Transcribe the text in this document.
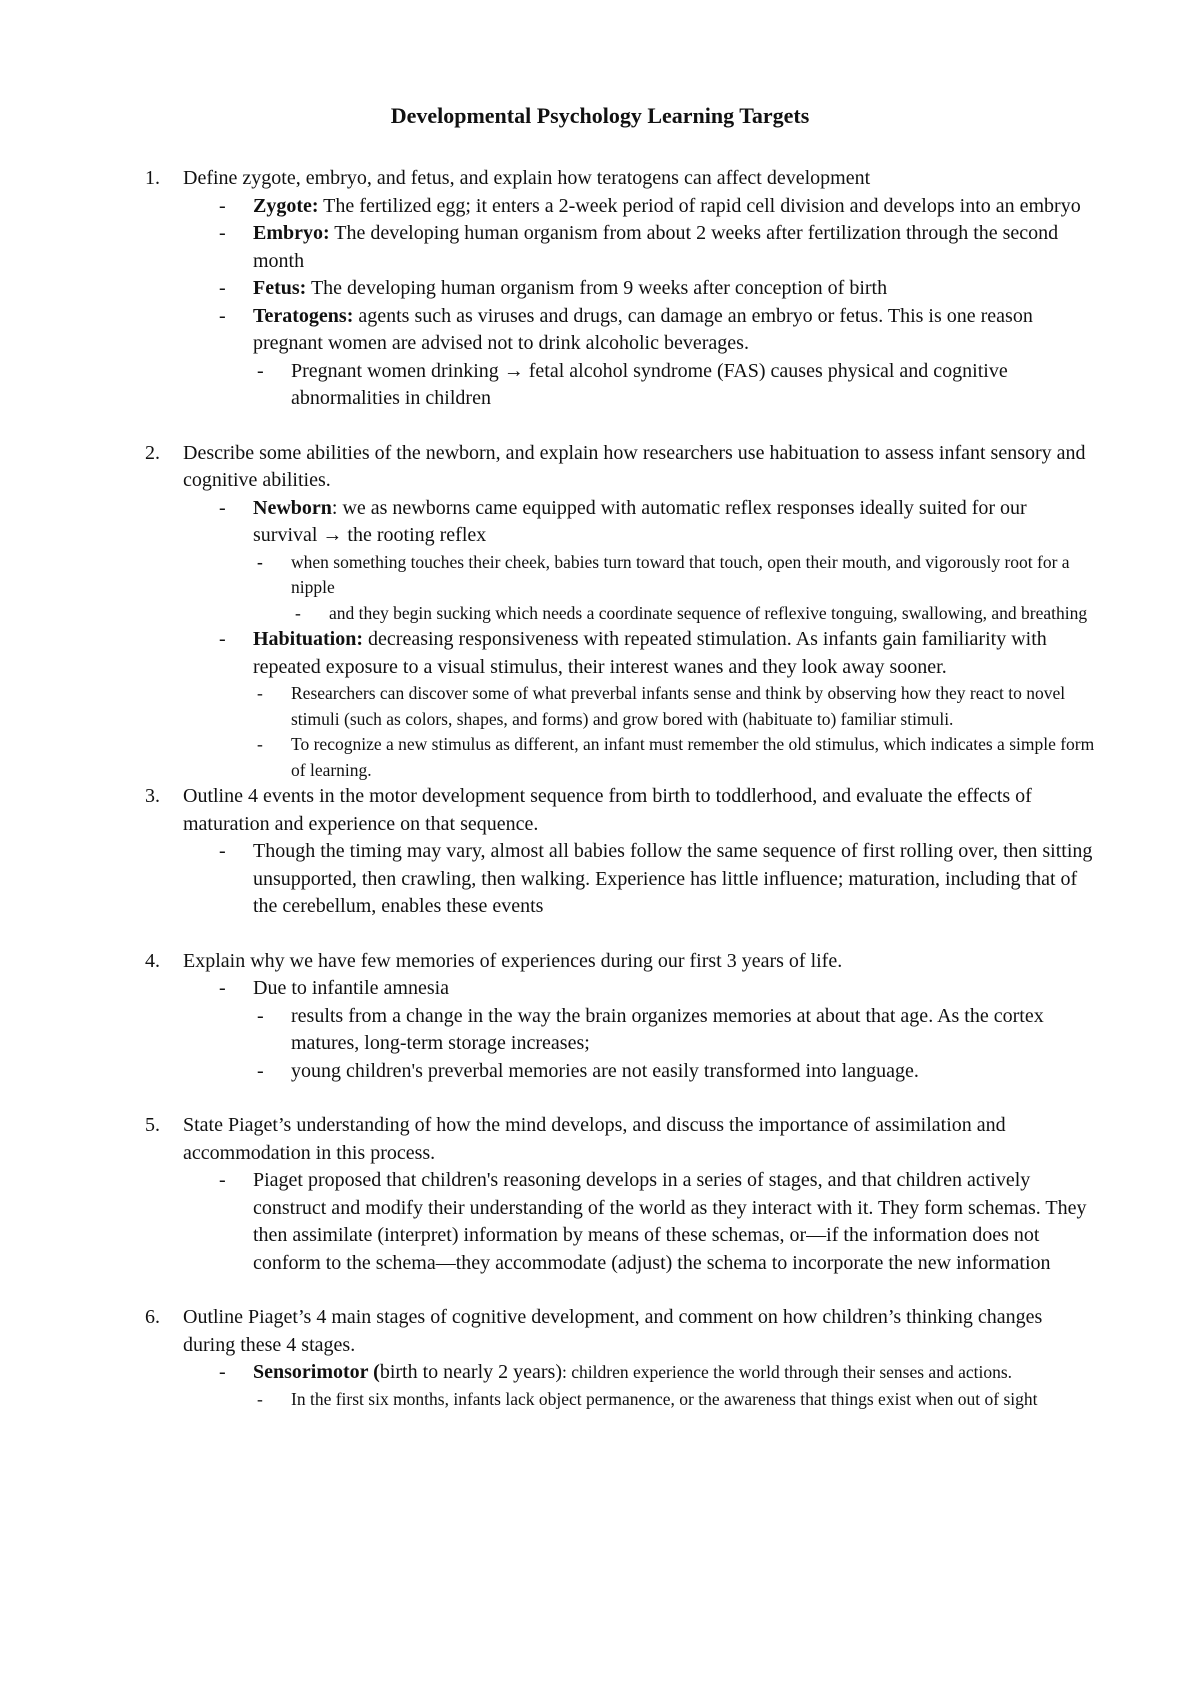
Developmental Psychology Learning Targets
1. Define zygote, embryo, and fetus, and explain how teratogens can affect development
- Zygote: The fertilized egg; it enters a 2-week period of rapid cell division and develops into an embryo
- Embryo: The developing human organism from about 2 weeks after fertilization through the second month
- Fetus: The developing human organism from 9 weeks after conception of birth
- Teratogens: agents such as viruses and drugs, can damage an embryo or fetus. This is one reason pregnant women are advised not to drink alcoholic beverages.
- Pregnant women drinking → fetal alcohol syndrome (FAS) causes physical and cognitive abnormalities in children
2. Describe some abilities of the newborn, and explain how researchers use habituation to assess infant sensory and cognitive abilities.
- Newborn: we as newborns came equipped with automatic reflex responses ideally suited for our survival → the rooting reflex
- when something touches their cheek, babies turn toward that touch, open their mouth, and vigorously root for a nipple
- and they begin sucking which needs a coordinate sequence of reflexive tonguing, swallowing, and breathing
- Habituation: decreasing responsiveness with repeated stimulation. As infants gain familiarity with repeated exposure to a visual stimulus, their interest wanes and they look away sooner.
- Researchers can discover some of what preverbal infants sense and think by observing how they react to novel stimuli (such as colors, shapes, and forms) and grow bored with (habituate to) familiar stimuli.
- To recognize a new stimulus as different, an infant must remember the old stimulus, which indicates a simple form of learning.
3. Outline 4 events in the motor development sequence from birth to toddlerhood, and evaluate the effects of maturation and experience on that sequence.
- Though the timing may vary, almost all babies follow the same sequence of first rolling over, then sitting unsupported, then crawling, then walking. Experience has little influence; maturation, including that of the cerebellum, enables these events
4. Explain why we have few memories of experiences during our first 3 years of life.
- Due to infantile amnesia
- results from a change in the way the brain organizes memories at about that age. As the cortex matures, long-term storage increases;
- young children's preverbal memories are not easily transformed into language.
5. State Piaget’s understanding of how the mind develops, and discuss the importance of assimilation and accommodation in this process.
- Piaget proposed that children's reasoning develops in a series of stages, and that children actively construct and modify their understanding of the world as they interact with it. They form schemas. They then assimilate (interpret) information by means of these schemas, or—if the information does not conform to the schema—they accommodate (adjust) the schema to incorporate the new information
6. Outline Piaget’s 4 main stages of cognitive development, and comment on how children’s thinking changes during these 4 stages.
- Sensorimotor (birth to nearly 2 years): children experience the world through their senses and actions.
- In the first six months, infants lack object permanence, or the awareness that things exist when out of sight
